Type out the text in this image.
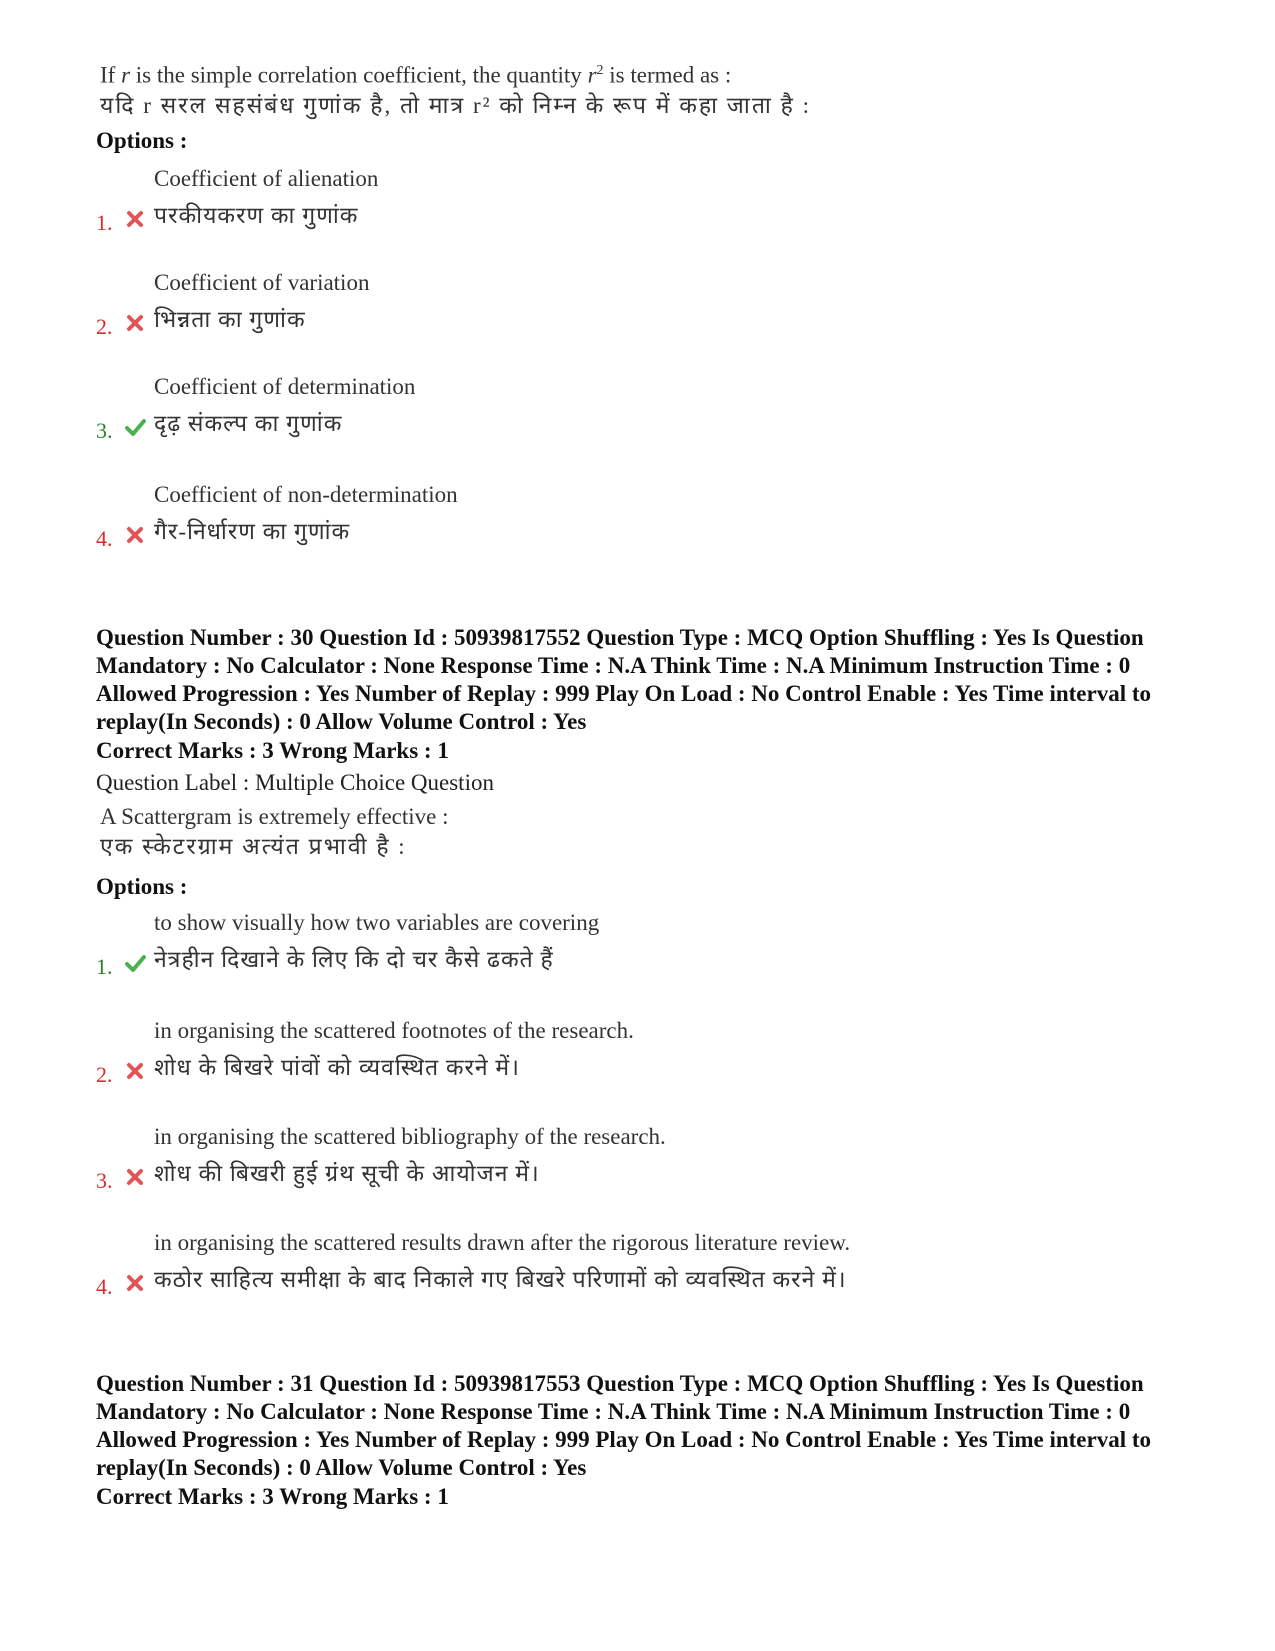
If r is the simple correlation coefficient, the quantity $r^2$ is termed as :
यदि r सरल सहसंबंध गुणांक है, तो मात्र r² को निम्न के रूप में कहा जाता है :
Options :
1.
Coefficient of alienation
परकीयकरण का गुणांक
2.
Coefficient of variation
भिन्नता का गुणांक
3.
Coefficient of determination
दृढ़ संकल्प का गुणांक
4.
Coefficient of non-determination
गैर-निर्धारण का गुणांक
Question Number : 30 Question Id : 50939817552 Question Type : MCQ Option Shuffling : Yes Is Question Mandatory : No Calculator : None Response Time : N.A Think Time : N.A Minimum Instruction Time : 0 Allowed Progression : Yes Number of Replay : 999 Play On Load : No Control Enable : Yes Time interval to replay(In Seconds) : 0 Allow Volume Control : Yes
Correct Marks : 3 Wrong Marks : 1
Question Label : Multiple Choice Question
A Scattergram is extremely effective :
एक स्केटरग्राम अत्यंत प्रभावी है :
Options :
1.
to show visually how two variables are covering
नेत्रहीन दिखाने के लिए कि दो चर कैसे ढकते हैं
2.
in organising the scattered footnotes of the research.
शोध के बिखरे पांवों को व्यवस्थित करने में।
3.
in organising the scattered bibliography of the research.
शोध की बिखरी हुई ग्रंथ सूची के आयोजन में।
4.
in organising the scattered results drawn after the rigorous literature review.
कठोर साहित्य समीक्षा के बाद निकाले गए बिखरे परिणामों को व्यवस्थित करने में।
Question Number : 31 Question Id : 50939817553 Question Type : MCQ Option Shuffling : Yes Is Question Mandatory : No Calculator : None Response Time : N.A Think Time : N.A Minimum Instruction Time : 0 Allowed Progression : Yes Number of Replay : 999 Play On Load : No Control Enable : Yes Time interval to replay(In Seconds) : 0 Allow Volume Control : Yes
Correct Marks : 3 Wrong Marks : 1
